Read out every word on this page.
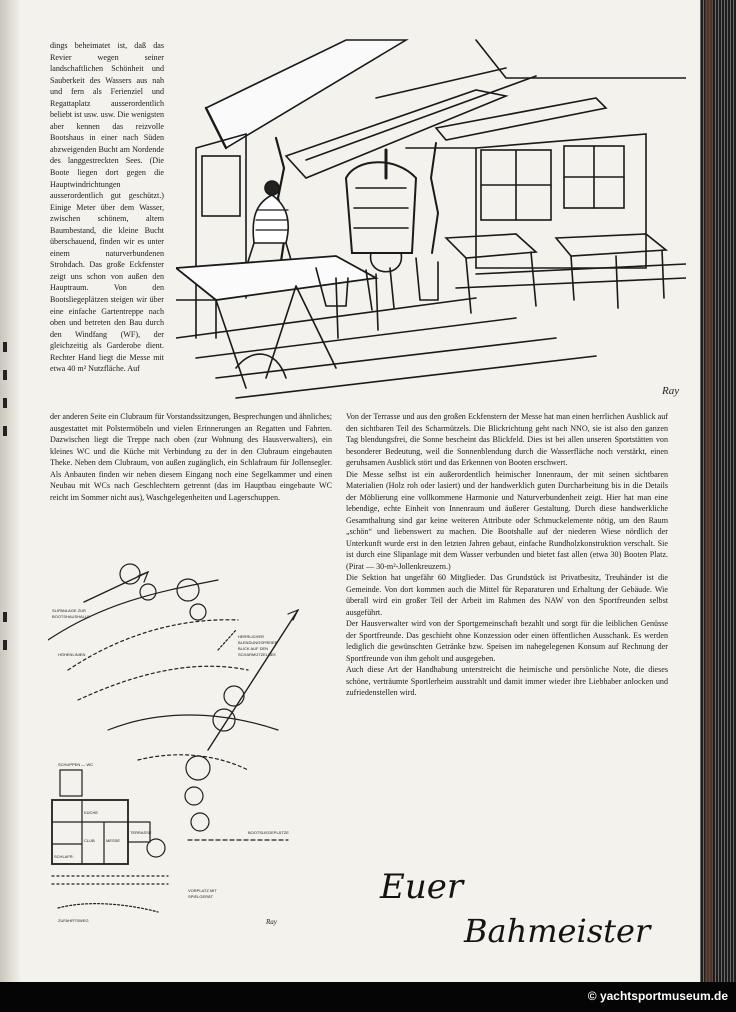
dings beheimatet ist, daß das Revier wegen seiner landschaftlichen Schönheit und Sauberkeit des Wassers aus nah und fern als Ferienziel und Regattaplatz ausserordentlich beliebt ist usw. usw. Die wenigsten aber kennen das reizvolle Bootshaus in einer nach Süden abzweigenden Bucht am Nordende des langgestreckten Sees. (Die Boote liegen dort gegen die Hauptwindrichtungen ausserordentlich gut geschützt.) Einige Meter über dem Wasser, zwischen schönem, altem Baumbestand, die kleine Bucht überschauend, finden wir es unter einem naturverbundenen Strohdach. Das große Eckfenster zeigt uns schon von außen den Hauptraum. Von den Bootsliegeplätzen steigen wir über eine einfache Gartentreppe nach oben und betreten den Bau durch den Windfang (WF), der gleichzeitig als Garderobe dient. Rechter Hand liegt die Messe mit etwa 40 m² Nutzfläche. Auf

Ray

der anderen Seite ein Clubraum für Vorstandssitzungen, Besprechungen und ähnliches; ausgestattet mit Polstermöbeln und vielen Erinnerungen an Regatten und Fahrten. Dazwischen liegt die Treppe nach oben (zur Wohnung des Hausverwalters), ein kleines WC und die Küche mit Verbindung zu der in den Clubraum eingebauten Theke. Neben dem Clubraum, von außen zugänglich, ein Schlafraum für Jollensegler. Als Anbauten finden wir neben diesem Eingang noch eine Segelkammer und einen Neubau mit WCs nach Geschlechtern getrennt (das im Hauptbau eingebaute WC reicht im Sommer nicht aus), Waschgelegenheiten und Lagerschuppen.

Von der Terrasse und aus den großen Eckfenstern der Messe hat man einen herrlichen Ausblick auf den sichtbaren Teil des Scharmützels. Die Blickrichtung geht nach NNO, sie ist also den ganzen Tag blendungsfrei, die Sonne bescheint das Blickfeld. Dies ist bei allen unseren Sportstätten von besonderer Bedeutung, weil die Sonnenblendung durch die Wasserfläche noch verstärkt, einen geruhsamen Ausblick stört und das Erkennen von Booten erschwert.

Die Messe selbst ist ein außerordentlich heimischer Innenraum, der mit seinen sichtbaren Materialien (Holz roh oder lasiert) und der handwerklich guten Durcharbeitung bis in die Details der Möblierung eine vollkommene Harmonie und Naturverbundenheit zeigt. Hier hat man eine lebendige, echte Einheit von Innenraum und äußerer Gestaltung. Durch diese handwerkliche Gesamthaltung sind gar keine weiteren Attribute oder Schmuckelemente nötig, um den Raum „schön“ und liebenswert zu machen. Die Bootshalle auf der niederen Wiese nördlich der Unterkunft wurde erst in den letzten Jahren gebaut, einfache Rundholzkonstruktion verschalt. Sie ist durch eine Slipanlage mit dem Wasser verbunden und bietet fast allen (etwa 30) Booten Platz. (Pirat — 30-m²-Jollenkreuzern.)

Die Sektion hat ungefähr 60 Mitglieder. Das Grundstück ist Privatbesitz, Treuhänder ist die Gemeinde. Von dort kommen auch die Mittel für Reparaturen und Erhaltung der Gebäude. Wie überall wird ein großer Teil der Arbeit im Rahmen des NAW von den Sportfreunden selbst ausgeführt.

Der Hausverwalter wird von der Sportgemeinschaft bezahlt und sorgt für die leiblichen Genüsse der Sportfreunde. Das geschieht ohne Konzession oder einen öffentlichen Ausschank. Es werden lediglich die gewünschten Getränke bzw. Speisen im nahegelegenen Konsum auf Rechnung der Sportfreunde von ihm geholt und ausgegeben.

Auch diese Art der Handhabung unterstreicht die heimische und persönliche Note, die dieses schöne, verträumte Sportlerheim ausstrahlt und damit immer wieder ihre Liebhaber anlocken und zufriedenstellen wird.

SLIPANLAGE ZUR
BOOTSHAUSHALLE
HERRLICHER
BLENDUNGSFREIER
BLICK AUF DEN
SCHARMÜTZELSEE
HÖHENLINIEN
SCHUPPEN — WC
TERRASSE
MESSE
CLUB
KÜCHE
SCHLAFR.
BOOTSLIEGEPLÄTZE
VORPLATZ MIT
SPIELGERÄT
ZUFAHRTSWEG	Ray
Euer
Bahmeister
© yachtsportmuseum.de
